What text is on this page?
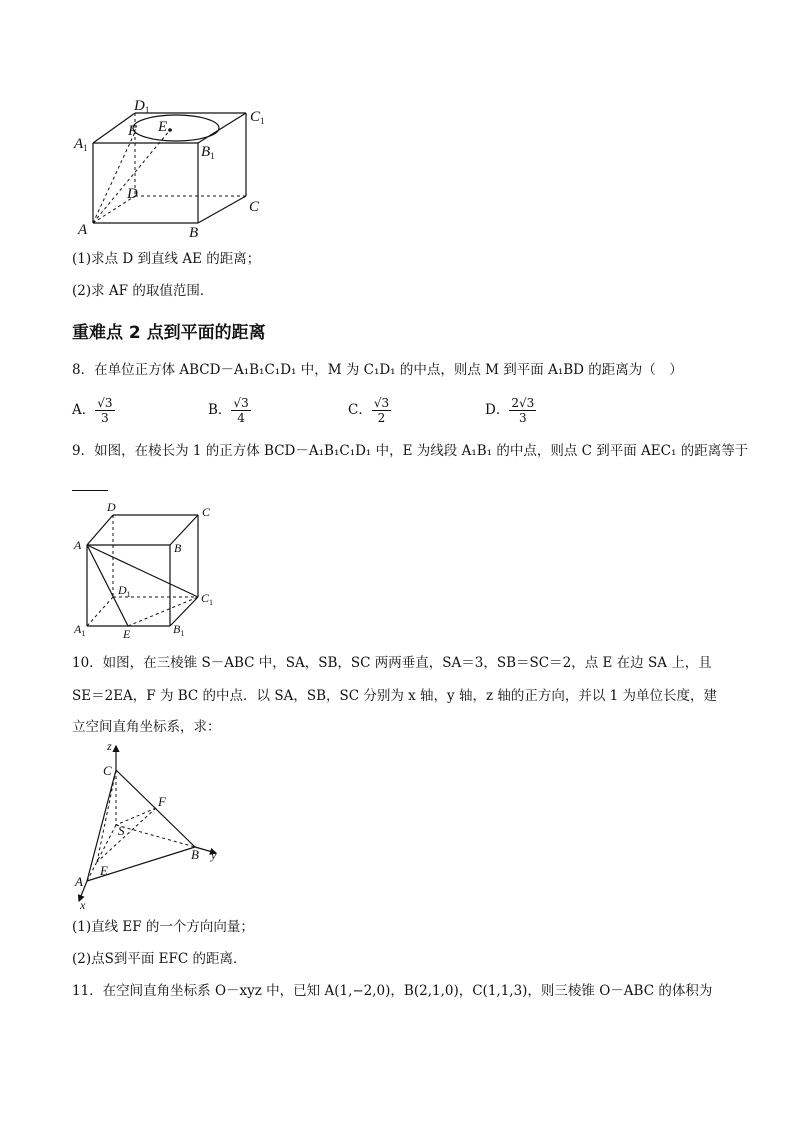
$D_1$	$C_1$
$A_1$	$B_1$
F E
D
A	B
C
(1)求点 D 到直线 AE 的距离；
(2)求 AF 的取值范围．
重难点 2 点到平面的距离
8．在单位正方体 ABCD－A₁B₁C₁D₁ 中，M 为 C₁D₁ 的中点，则点 M 到平面 A₁BD 的距离为（　）
A． $\frac{√3}{3}$	B． $\frac{√3}{4}$	C． $\frac{√3}{2}$	D． $\frac{2√3}{3}$
9．如图，在棱长为 1 的正方体 BCD－A₁B₁C₁D₁ 中，E 为线段 A₁B₁ 的中点，则点 C 到平面 AEC₁ 的距离等于
D	C
A	B
$D_1$	$C_1$
$A_1$	E	$B_1$
10．如图，在三棱锥 S－ABC 中，SA，SB，SC 两两垂直，SA＝3，SB＝SC＝2，点 E 在边 SA 上，且
SE＝2EA，F 为 BC 的中点．以 SA，SB，SC 分别为 x 轴，y 轴，z 轴的正方向，并以 1 为单位长度，建
立空间直角坐标系，求：
z
C
F
S
B y
A
E
x
(1)直线 EF 的一个方向向量；
(2)点S到平面 EFC 的距离．
11．在空间直角坐标系 O－xyz 中，已知 A(1,−2,0)，B(2,1,0)，C(1,1,3)，则三棱锥 O－ABC 的体积为
